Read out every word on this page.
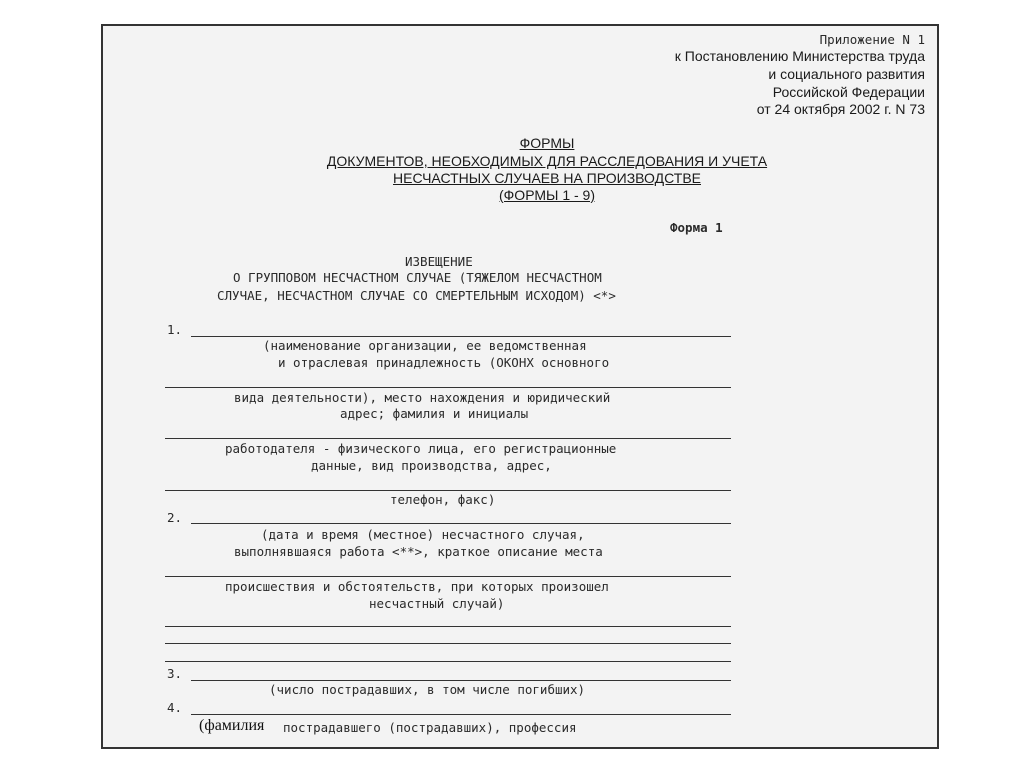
Приложение N 1
к Постановлению Министерства труда
и социального развития
Российской Федерации
от 24 октября 2002 г. N 73
ФОРМЫ
ДОКУМЕНТОВ, НЕОБХОДИМЫХ ДЛЯ РАССЛЕДОВАНИЯ И УЧЕТА
НЕСЧАСТНЫХ СЛУЧАЕВ НА ПРОИЗВОДСТВЕ
(ФОРМЫ 1 - 9)
Форма 1
ИЗВЕЩЕНИЕ
О ГРУППОВОМ НЕСЧАСТНОМ СЛУЧАЕ (ТЯЖЕЛОМ НЕСЧАСТНОМ
СЛУЧАЕ, НЕСЧАСТНОМ СЛУЧАЕ СО СМЕРТЕЛЬНЫМ ИСХОДОМ) <*>
1.
(наименование организации, ее ведомственная
и отраслевая принадлежность (ОКОНХ основного
вида деятельности), место нахождения и юридический
адрес; фамилия и инициалы
работодателя - физического лица, его регистрационные
данные, вид производства, адрес,
телефон, факс)
2.
(дата и время (местное) несчастного случая,
выполнявшаяся работа <**>, краткое описание места
происшествия и обстоятельств, при которых произошел
несчастный случай)
3.
(число пострадавших, в том числе погибших)
4.
(фамилия пострадавшего (пострадавших), профессия
